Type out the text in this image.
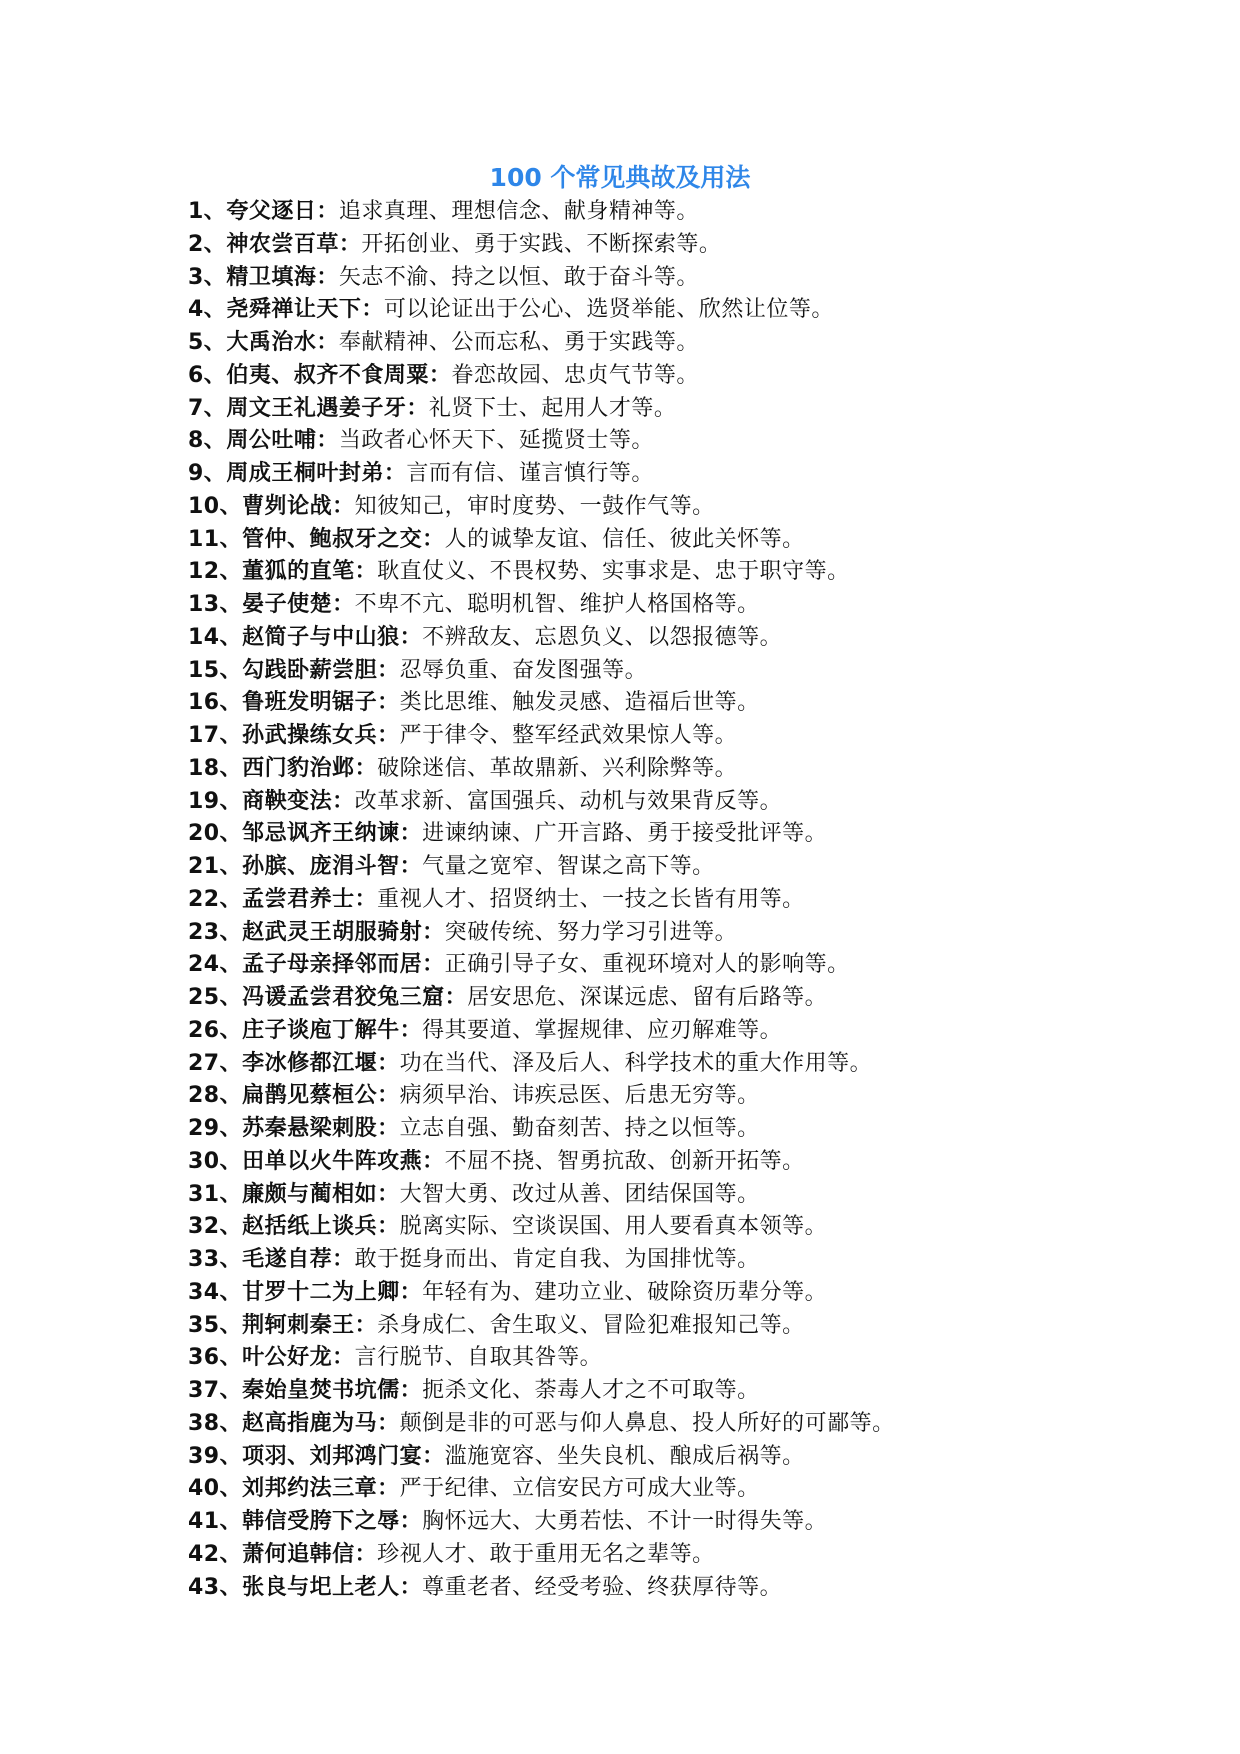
100 个常见典故及用法
1、夸父逐日：追求真理、理想信念、献身精神等。
2、神农尝百草：开拓创业、勇于实践、不断探索等。
3、精卫填海：矢志不渝、持之以恒、敢于奋斗等。
4、尧舜禅让天下：可以论证出于公心、选贤举能、欣然让位等。
5、大禹治水：奉献精神、公而忘私、勇于实践等。
6、伯夷、叔齐不食周粟：眷恋故园、忠贞气节等。
7、周文王礼遇姜子牙：礼贤下士、起用人才等。
8、周公吐哺：当政者心怀天下、延揽贤士等。
9、周成王桐叶封弟：言而有信、谨言慎行等。
10、曹刿论战：知彼知己，审时度势、一鼓作气等。
11、管仲、鲍叔牙之交：人的诚挚友谊、信任、彼此关怀等。
12、董狐的直笔：耿直仗义、不畏权势、实事求是、忠于职守等。
13、晏子使楚：不卑不亢、聪明机智、维护人格国格等。
14、赵简子与中山狼：不辨敌友、忘恩负义、以怨报德等。
15、勾践卧薪尝胆：忍辱负重、奋发图强等。
16、鲁班发明锯子：类比思维、触发灵感、造福后世等。
17、孙武操练女兵：严于律令、整军经武效果惊人等。
18、西门豹治邺：破除迷信、革故鼎新、兴利除弊等。
19、商鞅变法：改革求新、富国强兵、动机与效果背反等。
20、邹忌讽齐王纳谏：进谏纳谏、广开言路、勇于接受批评等。
21、孙膑、庞涓斗智：气量之宽窄、智谋之高下等。
22、孟尝君养士：重视人才、招贤纳士、一技之长皆有用等。
23、赵武灵王胡服骑射：突破传统、努力学习引进等。
24、孟子母亲择邻而居：正确引导子女、重视环境对人的影响等。
25、冯谖孟尝君狡兔三窟：居安思危、深谋远虑、留有后路等。
26、庄子谈庖丁解牛：得其要道、掌握规律、应刃解难等。
27、李冰修都江堰：功在当代、泽及后人、科学技术的重大作用等。
28、扁鹊见蔡桓公：病须早治、讳疾忌医、后患无穷等。
29、苏秦悬梁刺股：立志自强、勤奋刻苦、持之以恒等。
30、田单以火牛阵攻燕：不屈不挠、智勇抗敌、创新开拓等。
31、廉颇与蔺相如：大智大勇、改过从善、团结保国等。
32、赵括纸上谈兵：脱离实际、空谈误国、用人要看真本领等。
33、毛遂自荐：敢于挺身而出、肯定自我、为国排忧等。
34、甘罗十二为上卿：年轻有为、建功立业、破除资历辈分等。
35、荆轲刺秦王：杀身成仁、舍生取义、冒险犯难报知己等。
36、叶公好龙：言行脱节、自取其咎等。
37、秦始皇焚书坑儒：扼杀文化、荼毒人才之不可取等。
38、赵高指鹿为马：颠倒是非的可恶与仰人鼻息、投人所好的可鄙等。
39、项羽、刘邦鸿门宴：滥施宽容、坐失良机、酿成后祸等。
40、刘邦约法三章：严于纪律、立信安民方可成大业等。
41、韩信受胯下之辱：胸怀远大、大勇若怯、不计一时得失等。
42、萧何追韩信：珍视人才、敢于重用无名之辈等。
43、张良与圯上老人：尊重老者、经受考验、终获厚待等。
